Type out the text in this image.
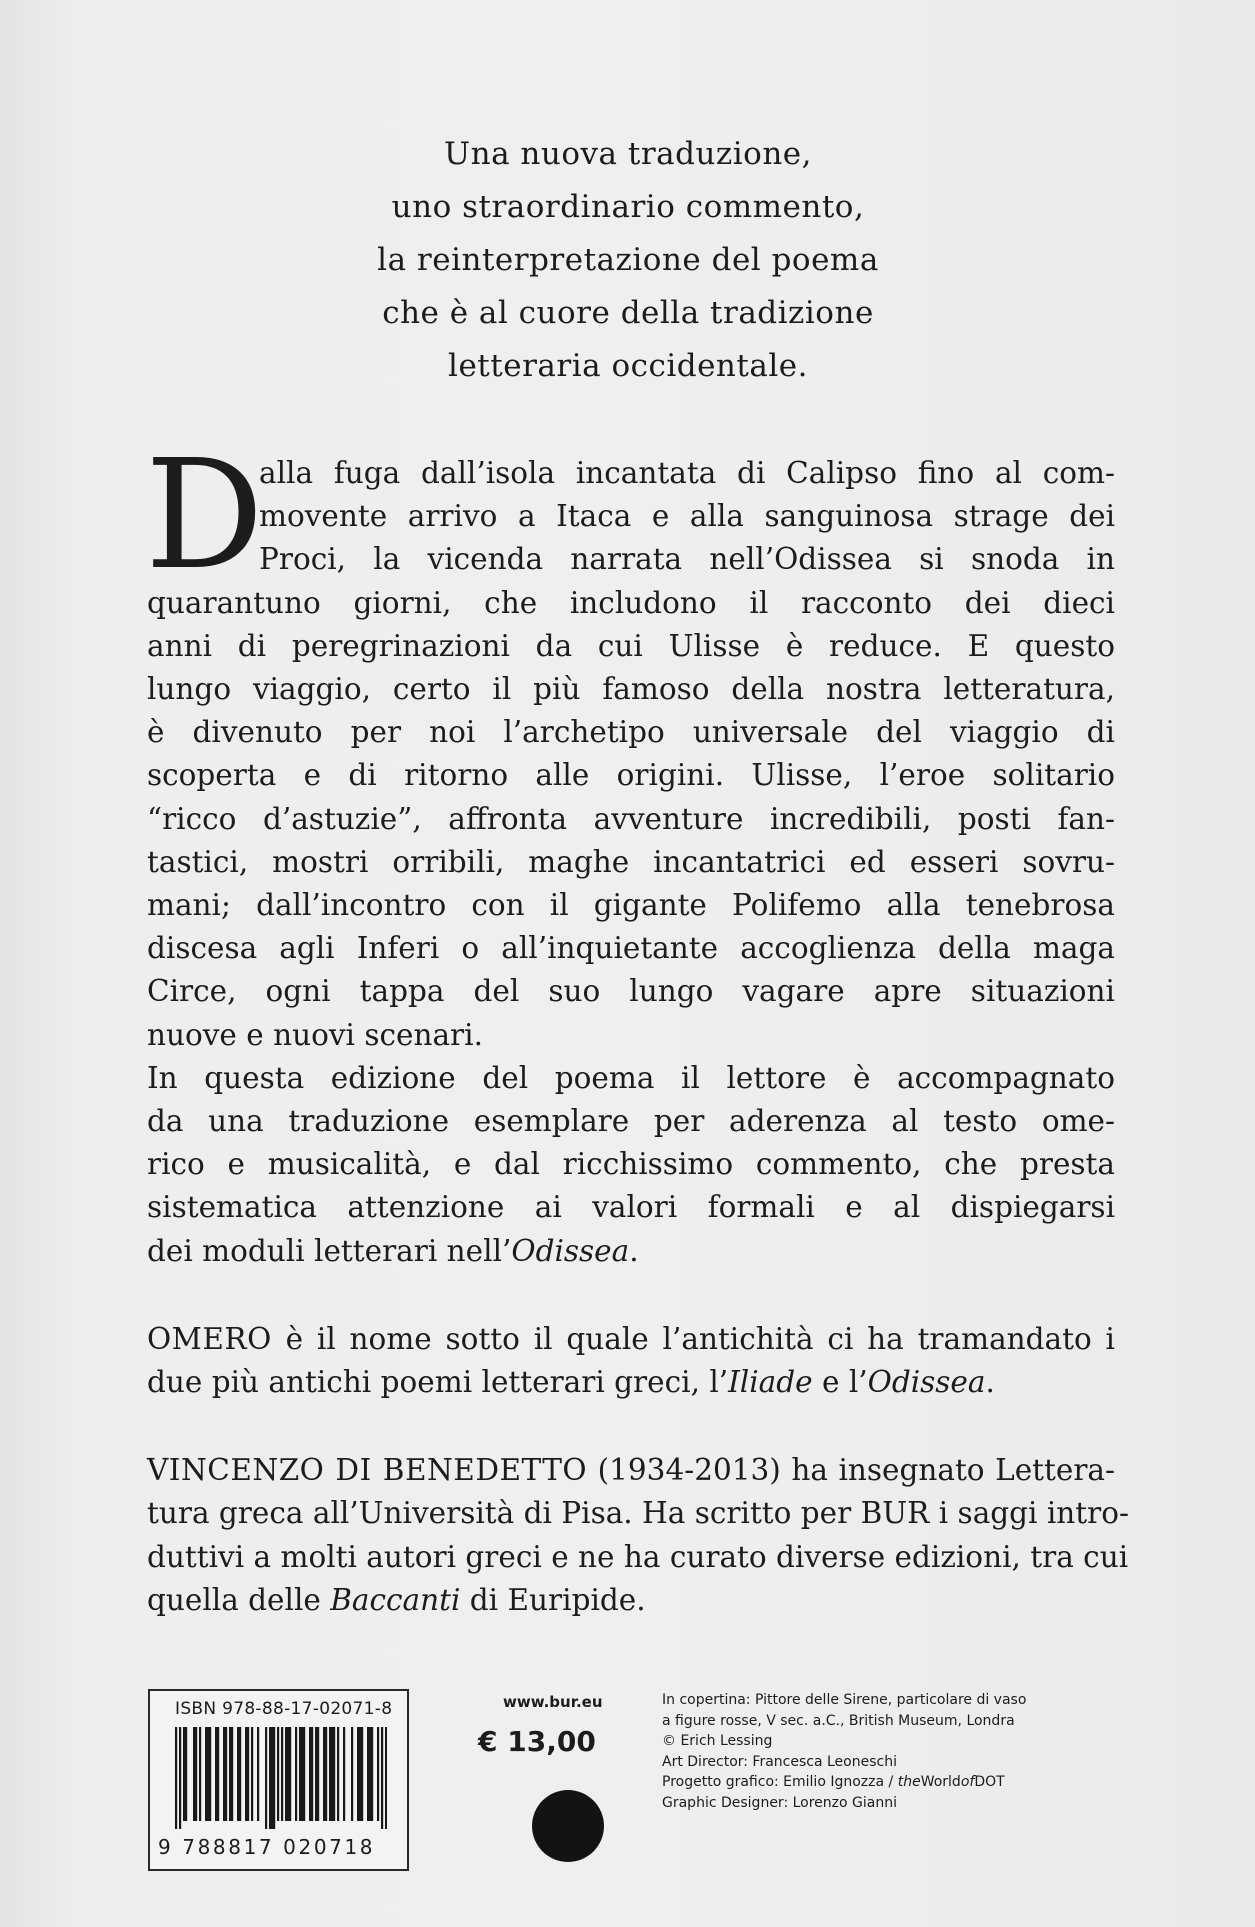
Una nuova traduzione,
uno straordinario commento,
la reinterpretazione del poema
che è al cuore della tradizione
letteraria occidentale.
D
alla fuga dall’isola incantata di Calipso fino al com-
movente arrivo a Itaca e alla sanguinosa strage dei
Proci, la vicenda narrata nell’Odissea si snoda in
quarantuno giorni, che includono il racconto dei dieci
anni di peregrinazioni da cui Ulisse è reduce. E questo
lungo viaggio, certo il più famoso della nostra letteratura,
è divenuto per noi l’archetipo universale del viaggio di
scoperta e di ritorno alle origini. Ulisse, l’eroe solitario
“ricco d’astuzie”, affronta avventure incredibili, posti fan-
tastici, mostri orribili, maghe incantatrici ed esseri sovru-
mani; dall’incontro con il gigante Polifemo alla tenebrosa
discesa agli Inferi o all’inquietante accoglienza della maga
Circe, ogni tappa del suo lungo vagare apre situazioni
nuove e nuovi scenari.
In questa edizione del poema il lettore è accompagnato
da una traduzione esemplare per aderenza al testo ome-
rico e musicalità, e dal ricchissimo commento, che presta
sistematica attenzione ai valori formali e al dispiegarsi
dei moduli letterari nell’Odissea.
OMERO è il nome sotto il quale l’antichità ci ha tramandato i
due più antichi poemi letterari greci, l’Iliade e l’Odissea.
VINCENZO DI BENEDETTO (1934-2013) ha insegnato Lettera-
tura greca all’Università di Pisa. Ha scritto per BUR i saggi intro-
duttivi a molti autori greci e ne ha curato diverse edizioni, tra cui
quella delle Baccanti di Euripide.
ISBN 978-88-17-02071-8
9 788817 020718
www.bur.eu
€ 13,00
In copertina: Pittore delle Sirene, particolare di vaso
a figure rosse, V sec. a.C., British Museum, Londra
© Erich Lessing
Art Director: Francesca Leoneschi
Progetto grafico: Emilio Ignozza / theWorldofDOT
Graphic Designer: Lorenzo Gianni
